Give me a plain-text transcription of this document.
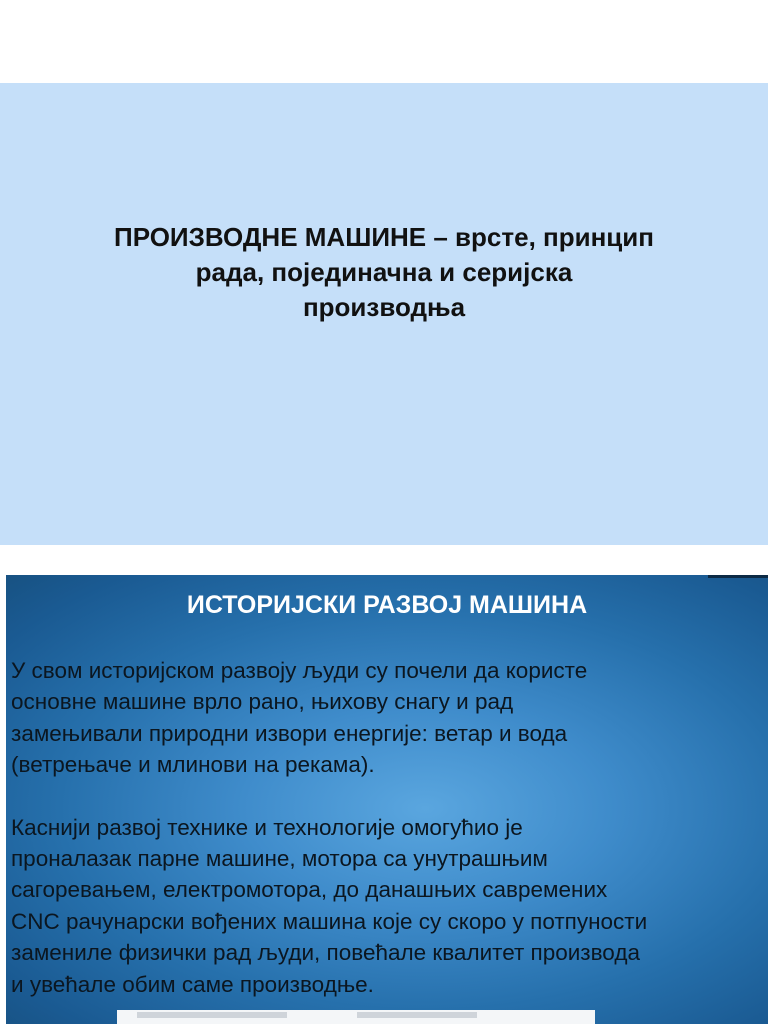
ПРОИЗВОДНЕ МАШИНЕ – врсте, принцип
рада, појединачна и серијска
производња
ИСТОРИЈСКИ РАЗВОЈ МАШИНА
У свом историјском развоју људи су почели да користе
основне машине врло рано, њихову снагу и рад
замењивали природни извори енергије: ветар и вода
(ветрењаче и млинови на рекама).
Каснији развој технике и технологије омогућио је
проналазак парне машине, мотора са унутрашњим
сагоревањем, електромотора, до данашњих савремених
CNC рачунарски вођених машина које су скоро у потпуности
замениле физички рад људи, повећале квалитет производа
и увећале обим саме производње.
